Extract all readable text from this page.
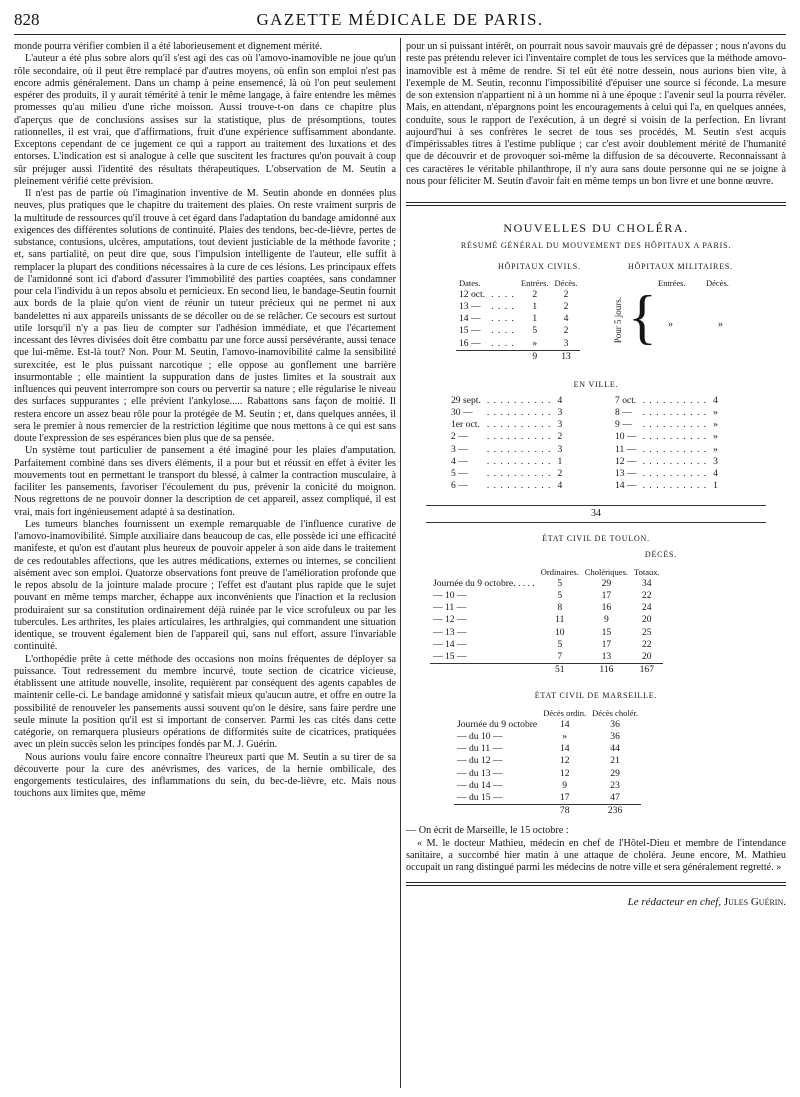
828	GAZETTE MÉDICALE DE PARIS.

monde pourra vérifier combien il a été laborieusement et dignement mérité.

L'auteur a été plus sobre alors qu'il s'est agi des cas où l'amovo-inamovible ne joue qu'un rôle secondaire, où il peut être remplacé par d'autres moyens, où enfin son emploi n'est pas encore admis généralement. Dans un champ à peine ensemencé, là où l'on peut seulement espérer des produits, il y aurait témérité à tenir le même langage, à faire entendre les mêmes promesses qu'au milieu d'une riche moisson. Aussi trouve-t-on dans ce chapitre plus d'aperçus que de conclusions assises sur la statistique, plus de présomptions, toutes rationnelles, il est vrai, que d'affirmations, fruit d'une expérience suffisamment abondante. Exceptons cependant de ce jugement ce qui a rapport au traitement des luxations et des entorses. L'indication est si analogue à celle que suscitent les fractures qu'on pouvait à coup sûr préjuger aussi l'identité des résultats thérapeutiques. L'observation de M. Seutin a pleinement vérifié cette prévision.

Il n'est pas de partie où l'imagination inventive de M. Seutin abonde en données plus neuves, plus pratiques que le chapitre du traitement des plaies. On reste vraiment surpris de la multitude de ressources qu'il trouve à cet égard dans l'adaptation du bandage amidonné aux exigences des différentes solutions de continuité. Plaies des tendons, bec-de-lièvre, pertes de substance, contusions, ulcères, amputations, tout devient justiciable de la méthode favorite ; et, sans partialité, on peut dire que, sous l'impulsion intelligente de l'auteur, elle suffit à remplacer la plupart des conditions nécessaires à la cure de ces lésions. Les principaux effets de l'amidonné sont ici d'abord d'assurer l'immobilité des parties coaptées, sans condamner pour cela l'individu à un repos absolu et pernicieux. En second lieu, le bandage-Seutin fournit aux bords de la plaie qu'on vient de réunir un tuteur précieux qui ne permet ni aux bandelettes ni aux appareils unissants de se décoller ou de se relâcher. Ce secours est surtout utile lorsqu'il n'y a pas lieu de compter sur l'adhésion immédiate, et que l'écartement incessant des lèvres divisées doit être combattu par une force aussi persévérante, aussi tenace que lui-même. Est-là tout? Non. Pour M. Seutin, l'amovo-inamovibilité calme la sensibilité surexcitée, est le plus puissant narcotique ; elle oppose au gonflement une barrière insurmontable ; elle maintient la suppuration dans de justes limites et la soustrait aux influences qui peuvent interrompre son cours ou pervertir sa nature ; elle régularise le niveau des surfaces suppurantes ; elle prévient l'ankylose..... Rabattons sans façon de moitié. Il restera encore un assez beau rôle pour la protégée de M. Seutin ; et, dans quelques années, il sera le premier à nous remercier de la restriction légitime que nous mettons à ce qui est sans doute l'expression de ses espérances bien plus que de sa pensée.

Un système tout particulier de pansement a été imaginé pour les plaies d'amputation. Parfaitement combiné dans ses divers éléments, il a pour but et réussit en effet à éviter les mouvements tout en permettant le transport du blessé, à calmer la contraction musculaire, à faciliter les pansements, favoriser l'écoulement du pus, prévenir la conicité du moignon. Nous regrettons de ne pouvoir donner la description de cet appareil, assez compliqué, il est vrai, mais fort ingénieusement adapté à sa destination.

Les tumeurs blanches fournissent un exemple remarquable de l'influence curative de l'amovo-inamovibilité. Simple auxiliaire dans beaucoup de cas, elle possède ici une efficacité manifeste, et qu'on est d'autant plus heureux de pouvoir appeler à son aide dans le traitement de ces redoutables affections, que les autres médications, externes ou internes, se concilient aisément avec son emploi. Quatorze observations font preuve de l'amélioration profonde que le repos absolu de la jointure malade procure ; l'effet est d'autant plus rapide que le sujet pouvant en même temps marcher, échappe aux inconvénients que l'inaction et la reclusion produiraient sur sa constitution ordinairement déjà ruinée par le vice scrofuleux ou par les tubercules. Les arthrites, les plaies articulaires, les arthralgies, qui commandent une situation identique, se trouvent également bien de l'appareil qui, sans nul effort, assure l'invariable continuité.

L'orthopédie prête à cette méthode des occasions non moins fréquentes de déployer sa puissance. Tout redressement du membre incurvé, toute section de cicatrice vicieuse, établissent une attitude nouvelle, insolite, requièrent par conséquent des agents capables de maintenir celle-ci. Le bandage amidonné y satisfait mieux qu'aucun autre, et offre en outre la possibilité de renouveler les pansements aussi souvent qu'on le désire, sans faire perdre une seule minute la position qu'il est si important de conserver. Parmi les cas cités dans cette catégorie, on remarquera plusieurs opérations de difformités suite de cicatrices, pratiquées avec un plein succès selon les principes fondés par M. J. Guérin.

Nous aurions voulu faire encore connaître l'heureux parti que M. Seutin a su tirer de sa découverte pour la cure des anévrismes, des varices, de la hernie ombilicale, des engorgements testiculaires, des inflammations du sein, du bec-de-lièvre, etc. Mais nous touchons aux limites que, même

pour un si puissant intérêt, on pourrait nous savoir mauvais gré de dépasser ; nous n'avons du reste pas prétendu relever ici l'inventaire complet de tous les services que la méthode amovo-inamovible est à même de rendre. Si tel eût été notre dessein, nous aurions bien vite, à l'exemple de M. Seutin, reconnu l'impossibilité d'épuiser une source si féconde. La mesure de son extension n'appartient ni à un homme ni à une époque : l'avenir seul la pourra révéler. Mais, en attendant, n'épargnons point les encouragements à celui qui l'a, en quelques années, conduite, sous le rapport de l'exécution, à un degré si voisin de la perfection. En livrant aujourd'hui à ses confrères le secret de tous ses procédés, M. Seutin s'est acquis d'impérissables titres à l'estime publique ; car c'est avoir doublement mérité de l'humanité que de découvrir et de provoquer soi-même la diffusion de sa découverte. Reconnaissant à ces caractères le véritable philanthrope, il n'y aura sans doute personne qui ne se joigne à nous pour féliciter M. Seutin d'avoir fait en même temps un bon livre et une bonne œuvre.

NOUVELLES DU CHOLÉRA.
RÉSUMÉ GÉNÉRAL DU MOUVEMENT DES HÔPITAUX A PARIS.
HÔPITAUX CIVILS.	HÔPITAUX MILITAIRES.
Dates.		Entrées.	Décès.
12 oct.	. . . .	2	2
13 —	. . . .	1	2
14 —	. . . .	1	4
15 —	. . . .	5	2
16 —	. . . .	»	3
		9	13
Pour 5 jours. {
Entrées. Décès.
»	»
EN VILLE.
29 sept.	. . . . . . . . . .	4
30 —	. . . . . . . . . .	3
1er oct.	. . . . . . . . . .	3
2 —	. . . . . . . . . .	2
3 —	. . . . . . . . . .	3
4 —	. . . . . . . . . .	1
5 —	. . . . . . . . . .	2
6 —	. . . . . . . . . .	4
7 oct.	. . . . . . . . . .	4
8 —	. . . . . . . . . .	»
9 —	. . . . . . . . . .	»
10 —	. . . . . . . . . .	»
11 —	. . . . . . . . . .	»
12 —	. . . . . . . . . .	3
13 —	. . . . . . . . . .	4
14 —	. . . . . . . . . .	1
34
ÉTAT CIVIL DE TOULON.
DÉCÈS.
	Ordinaires.	Cholériques.	Totaux.
Journée du 9 octobre. . . . .	5	29	34
— 10 —	5	17	22
— 11 —	8	16	24
— 12 —	11	9	20
— 13 —	10	15	25
— 14 —	5	17	22
— 15 —	7	13	20
	51	116	167
ÉTAT CIVIL DE MARSEILLE.
	Décès ordin.	Décès cholér.
Journée du 9 octobre	14	36
— du 10 —	»	36
— du 11 —	14	44
— du 12 —	12	21
— du 13 —	12	29
— du 14 —	9	23
— du 15 —	17	47
	78	236

— On écrit de Marseille, le 15 octobre :

« M. le docteur Mathieu, médecin en chef de l'Hôtel-Dieu et membre de l'intendance sanitaire, a succombé hier matin à une attaque de choléra. Jeune encore, M. Mathieu occupait un rang distingué parmi les médecins de notre ville et sera généralement regretté. »

Le rédacteur en chef, Jules Guérin.
